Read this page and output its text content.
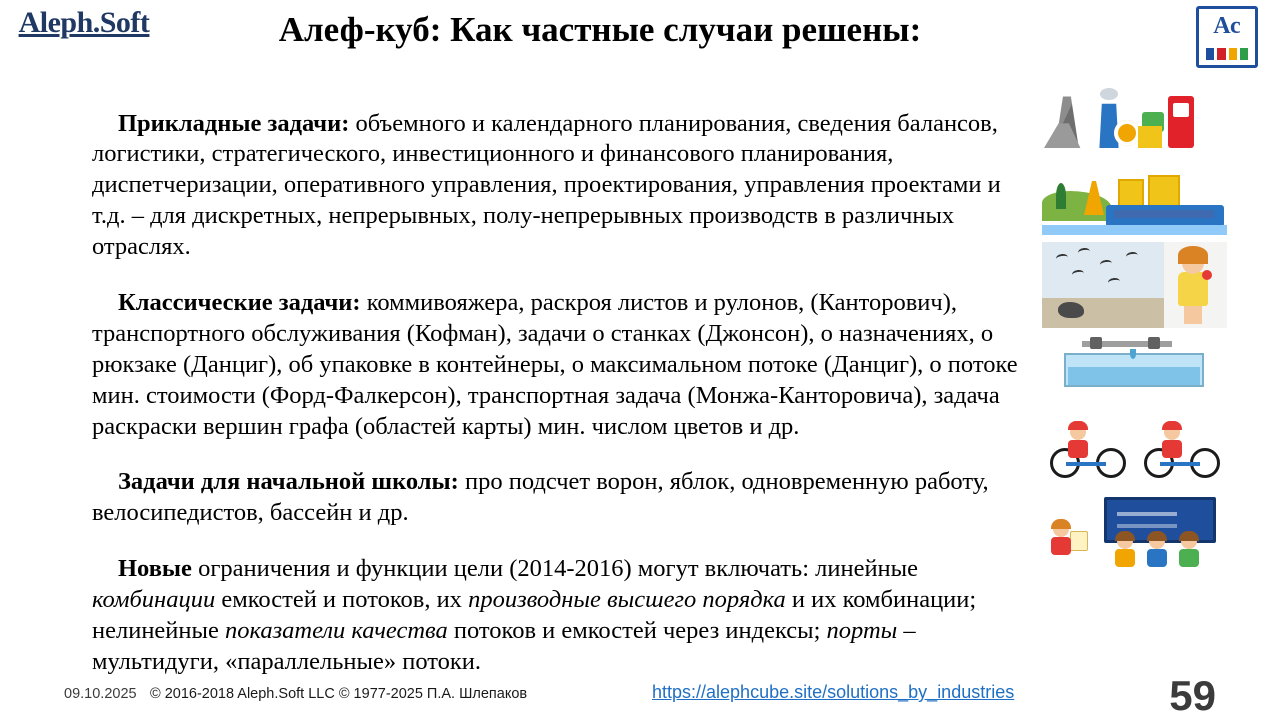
Aleph.Soft	Алеф-куб: Как частные случаи решены:	Ас

Прикладные задачи: объемного и календарного планирования, сведения балансов, логистики, стратегического, инвестиционного и финансового планирования, диспетчеризации, оперативного управления, проектирования, управления проектами и т.д. – для дискретных, непрерывных, полу-непрерывных производств в различных отраслях.

Классические задачи: коммивояжера, раскроя листов и рулонов, (Канторович), транспортного обслуживания (Кофман), задачи о станках (Джонсон), о назначениях, о рюкзаке (Данциг), об упаковке в контейнеры, о максимальном потоке (Данциг), о потоке мин. стоимости (Форд-Фалкерсон), транспортная задача (Монжа-Канторовича), задача раскраски вершин графа (областей карты) мин. числом цветов и др.

Задачи для начальной школы: про подсчет ворон, яблок, одновременную работу, велосипедистов, бассейн и др.

Новые ограничения и функции цели (2014-2016) могут включать: линейные комбинации емкостей и потоков, их производные высшего порядка и их комбинации; нелинейные показатели качества потоков и емкостей через индексы; порты – мультидуги, «параллельные» потоки.

09.10.2025 © 2016-2018 Aleph.Soft LLC © 1977-2025 П.А. Шлепаков	https://alephcube.site/solutions_by_industries	59
